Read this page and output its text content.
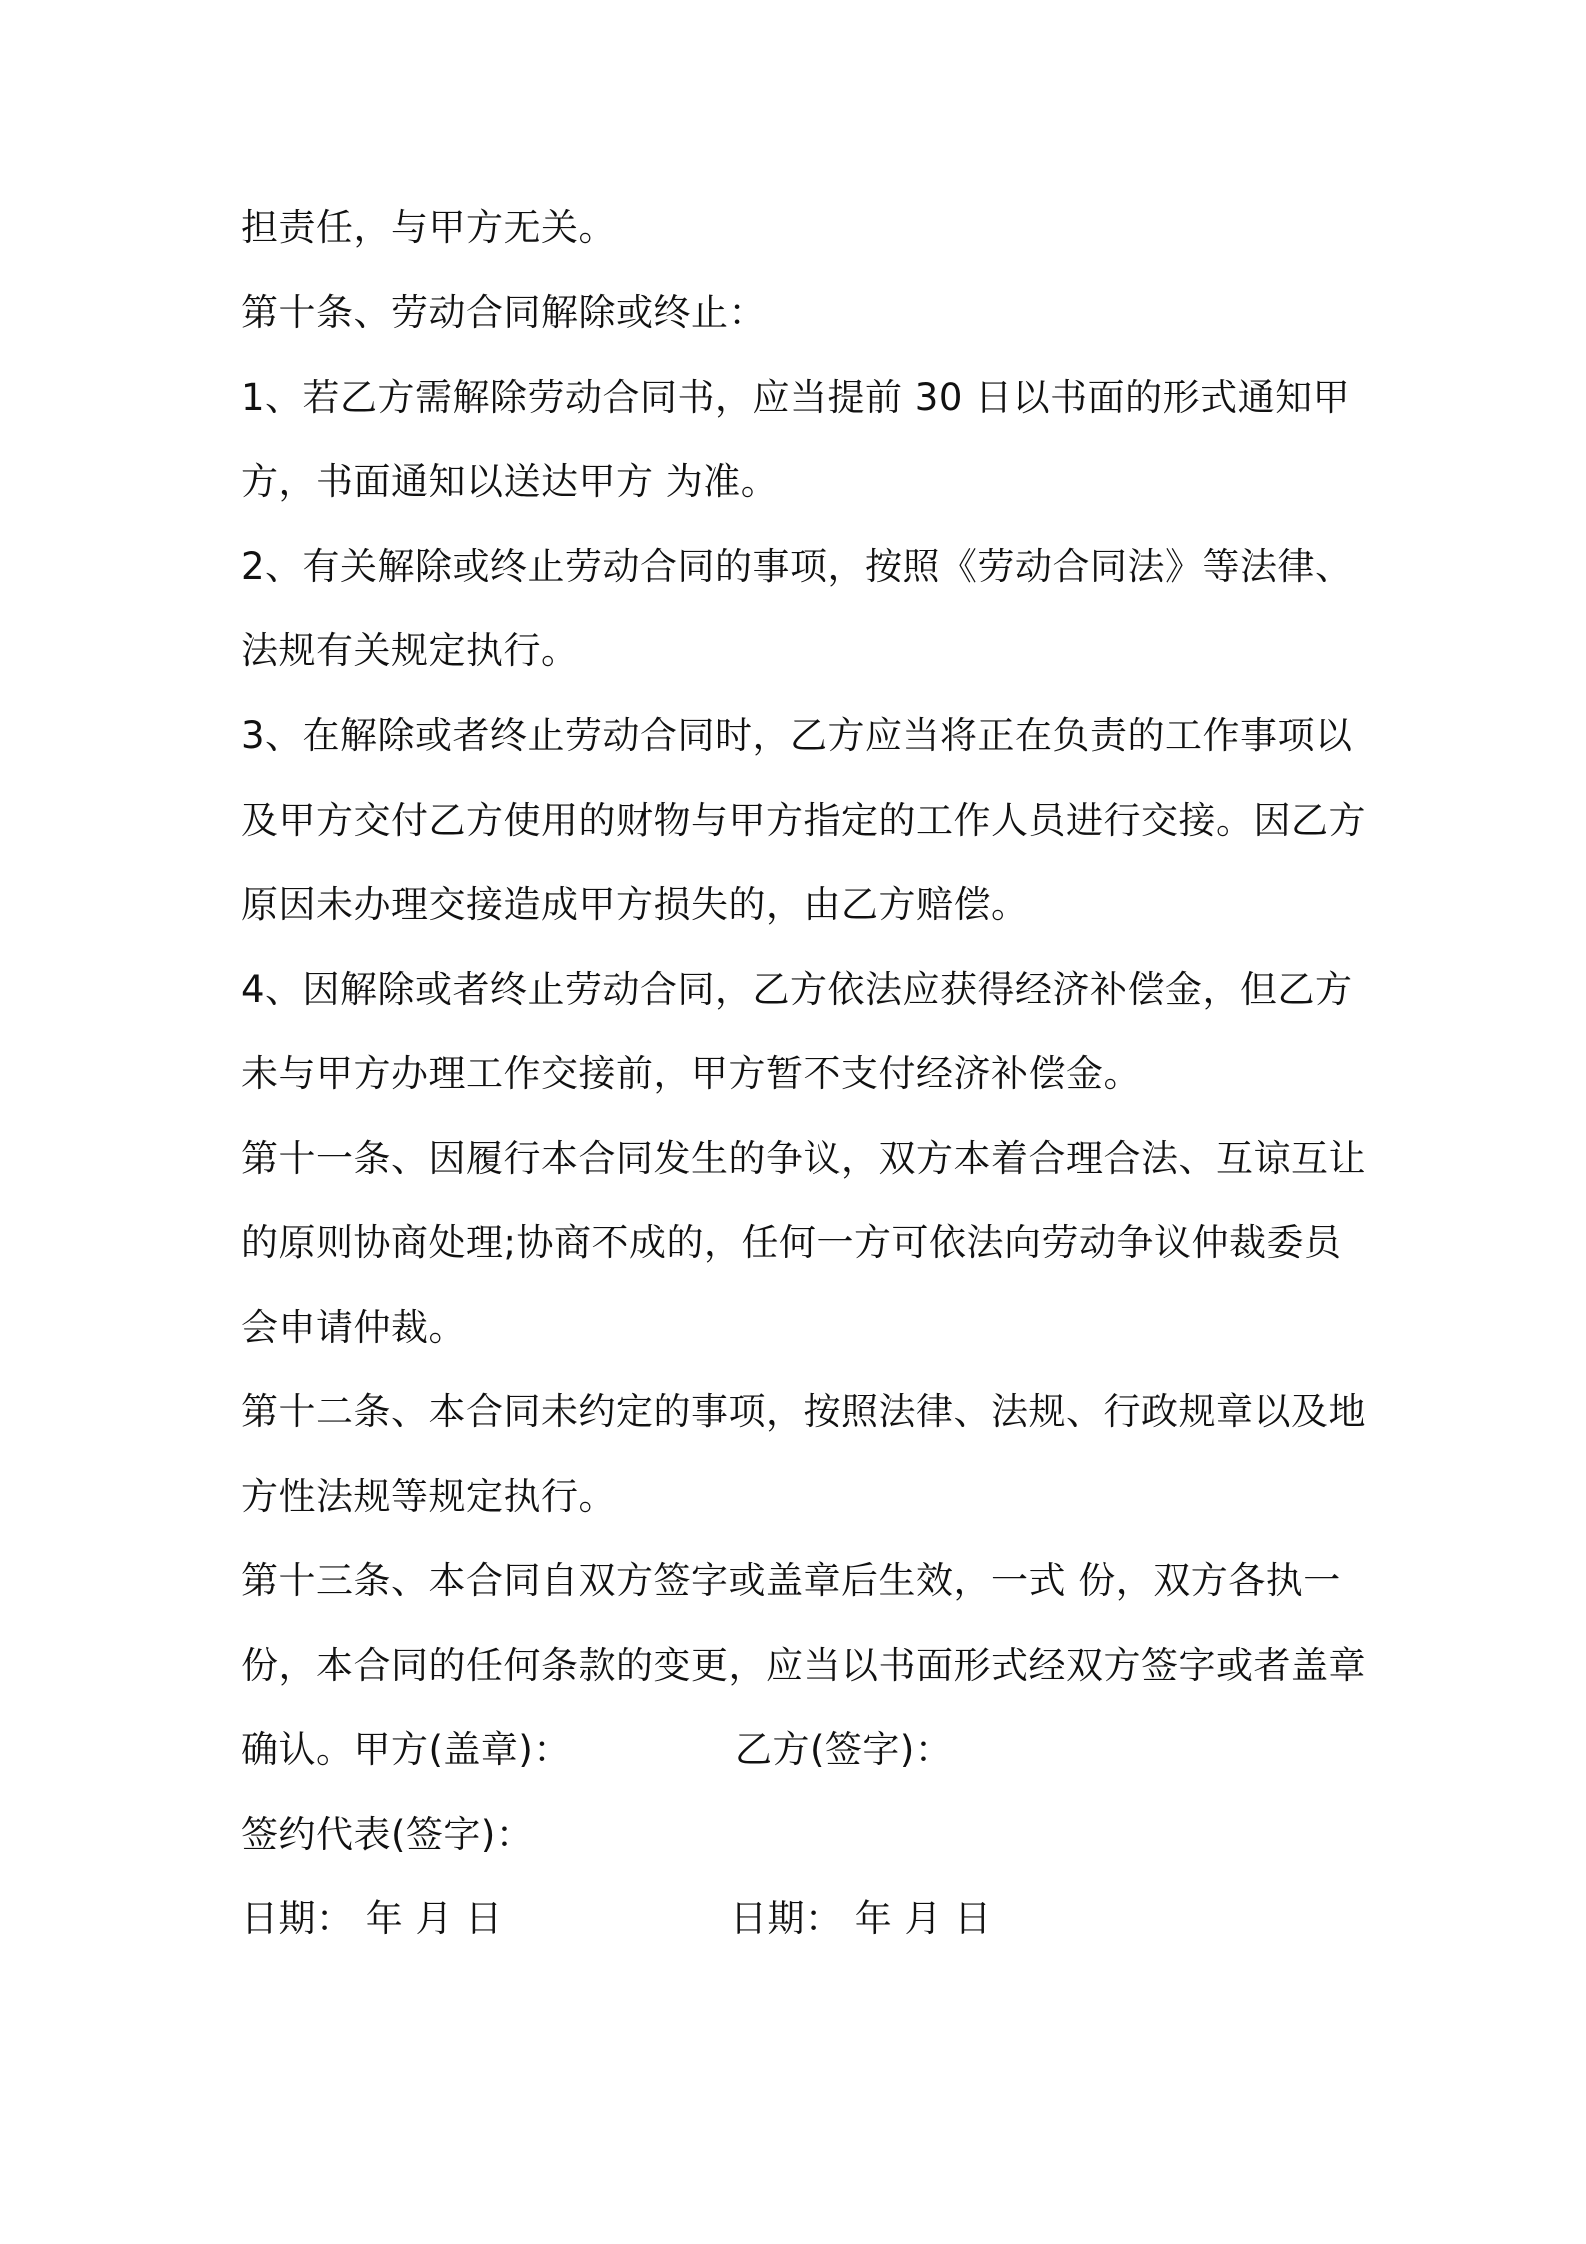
担责任，与甲方无关。
第十条、劳动合同解除或终止：
1、若乙方需解除劳动合同书，应当提前 30 日以书面的形式通知甲
方，书面通知以送达甲方 为准。
2、有关解除或终止劳动合同的事项，按照《劳动合同法》等法律、
法规有关规定执行。
3、在解除或者终止劳动合同时，乙方应当将正在负责的工作事项以
及甲方交付乙方使用的财物与甲方指定的工作人员进行交接。因乙方
原因未办理交接造成甲方损失的，由乙方赔偿。
4、因解除或者终止劳动合同，乙方依法应获得经济补偿金，但乙方
未与甲方办理工作交接前，甲方暂不支付经济补偿金。
第十一条、因履行本合同发生的争议，双方本着合理合法、互谅互让
的原则协商处理;协商不成的，任何一方可依法向劳动争议仲裁委员
会申请仲裁。
第十二条、本合同未约定的事项，按照法律、法规、行政规章以及地
方性法规等规定执行。
第十三条、本合同自双方签字或盖章后生效，一式 份，双方各执一
份，本合同的任何条款的变更，应当以书面形式经双方签字或者盖章
确认。甲方(盖章)：	乙方(签字)：
签约代表(签字)：
日期： 年 月 日	日期： 年 月 日
